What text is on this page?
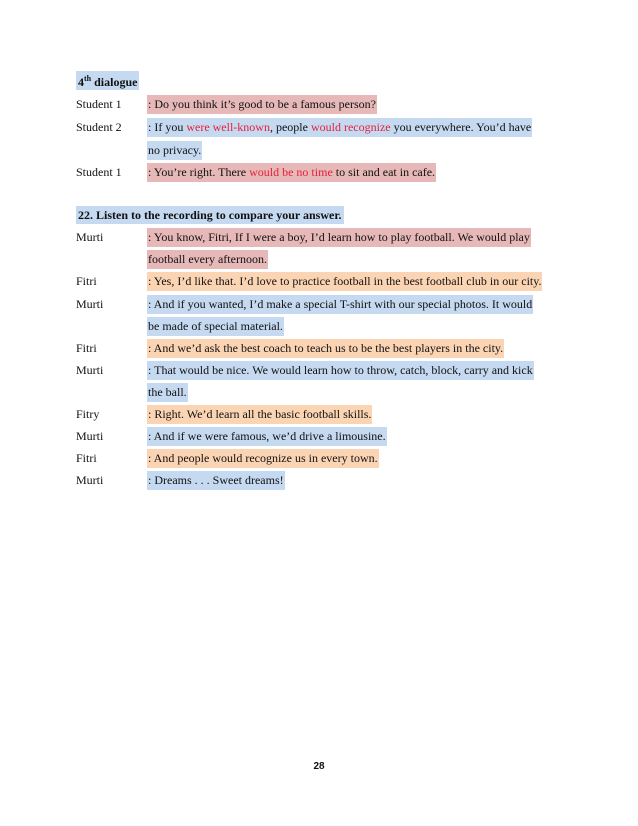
4th dialogue
Student 1 : Do you think it’s good to be a famous person?
Student 2 : If you were well-known, people would recognize you everywhere. You’d have
no privacy.
Student 1 : You’re right. There would be no time to sit and eat in cafe.
22. Listen to the recording to compare your answer.
Murti	: You know, Fitri, If I were a boy, I’d learn how to play football. We would play
football every afternoon.
Fitri	: Yes, I’d like that. I’d love to practice football in the best football club in our city.
Murti	: And if you wanted, I’d make a special T-shirt with our special photos. It would
be made of special material.
Fitri	: And we’d ask the best coach to teach us to be the best players in the city.
Murti	: That would be nice. We would learn how to throw, catch, block, carry and kick
the ball.
Fitry	: Right. We’d learn all the basic football skills.
Murti	: And if we were famous, we’d drive a limousine.
Fitri	: And people would recognize us in every town.
Murti	: Dreams . . . Sweet dreams!
28
